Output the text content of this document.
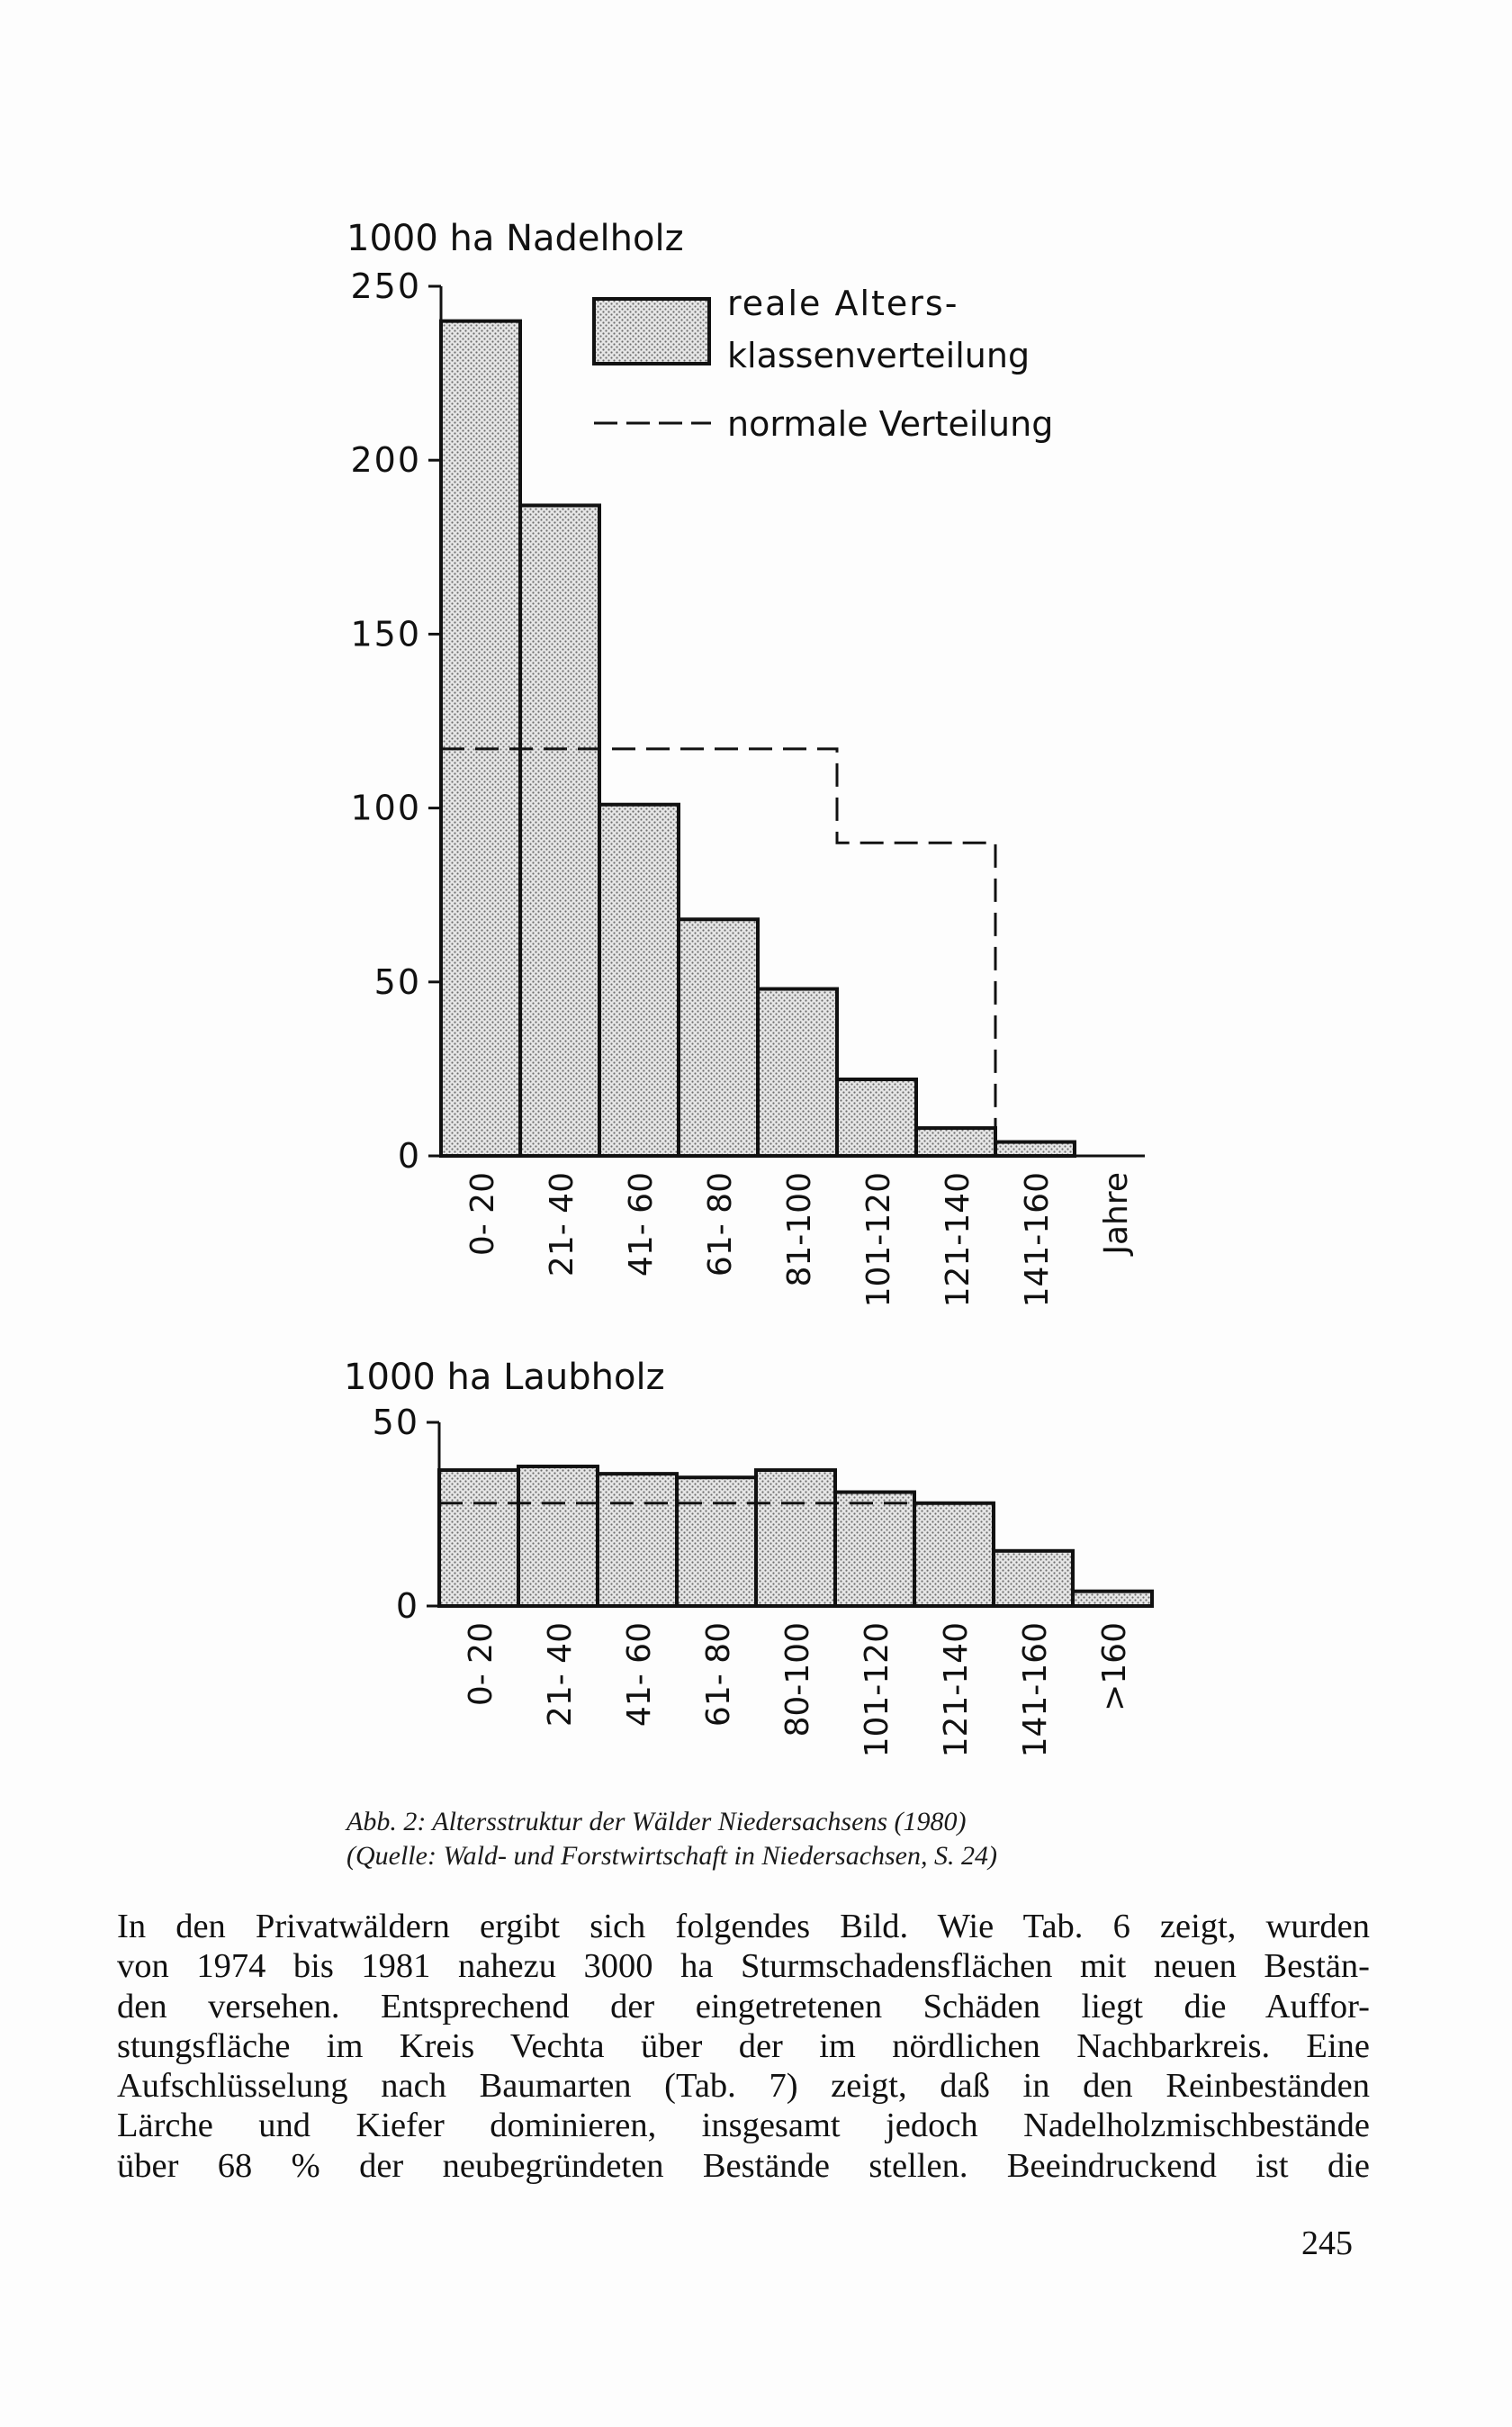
1000 ha Nadelholz
0
50
100
150
200
250
0- 20 21- 40 41- 60 61- 80 81-100 101-120 121-140 141-160 Jahre
reale Alters-
klassenverteilung
normale Verteilung
1000 ha Laubholz
0
50
0- 20 21- 40 41- 60 61- 80 80-100 101-120 121-140 141-160 >160
Abb. 2: Altersstruktur der Wälder Niedersachsens (1980)
(Quelle: Wald- und Forstwirtschaft in Niedersachsen, S. 24)
In den Privatwäldern ergibt sich folgendes Bild. Wie Tab. 6 zeigt, wurden
von 1974 bis 1981 nahezu 3000 ha Sturmschadensflächen mit neuen Bestän-
den versehen. Entsprechend der eingetretenen Schäden liegt die Auffor-
stungsfläche im Kreis Vechta über der im nördlichen Nachbarkreis. Eine
Aufschlüsselung nach Baumarten (Tab. 7) zeigt, daß in den Reinbeständen
Lärche und Kiefer dominieren, insgesamt jedoch Nadelholzmischbestände
über 68 % der neubegründeten Bestände stellen. Beeindruckend ist die
245
